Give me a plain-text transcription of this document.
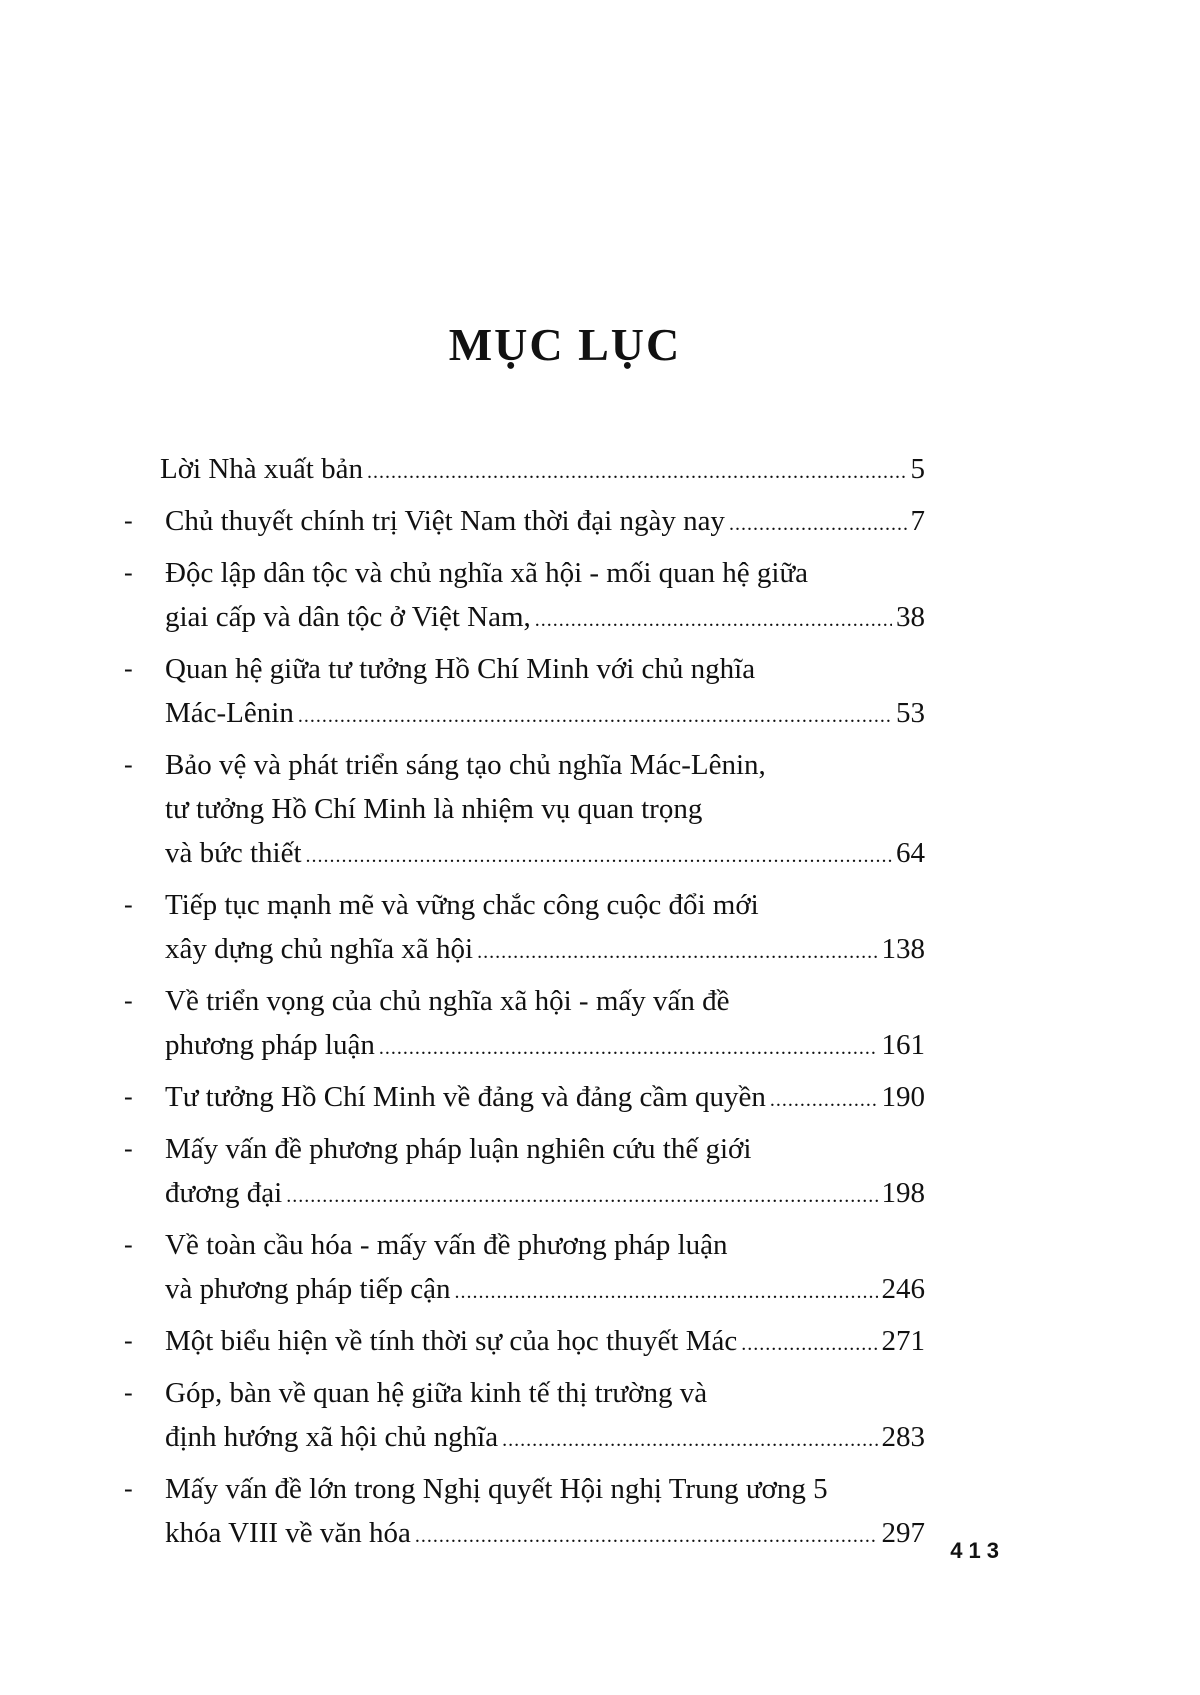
MỤC LỤC
Lời Nhà xuất bản .....	5
- Chủ thuyết chính trị Việt Nam thời đại ngày nay .....	7
- Độc lập dân tộc và chủ nghĩa xã hội - mối quan hệ giữa
giai cấp và dân tộc ở Việt Nam, .....	38
- Quan hệ giữa tư tưởng Hồ Chí Minh với chủ nghĩa
Mác-Lênin .....	53
- Bảo vệ và phát triển sáng tạo chủ nghĩa Mác-Lênin,
tư tưởng Hồ Chí Minh là nhiệm vụ quan trọng
và bức thiết .....	64
- Tiếp tục mạnh mẽ và vững chắc công cuộc đổi mới
xây dựng chủ nghĩa xã hội .....	138
- Về triển vọng của chủ nghĩa xã hội - mấy vấn đề
phương pháp luận .....	161
- Tư tưởng Hồ Chí Minh về đảng và đảng cầm quyền .....	190
- Mấy vấn đề phương pháp luận nghiên cứu thế giới
đương đại .....	198
- Về toàn cầu hóa - mấy vấn đề phương pháp luận
và phương pháp tiếp cận .....	246
- Một biểu hiện về tính thời sự của học thuyết Mác .....	271
- Góp, bàn về quan hệ giữa kinh tế thị trường và
định hướng xã hội chủ nghĩa .....	283
- Mấy vấn đề lớn trong Nghị quyết Hội nghị Trung ương 5
khóa VIII về văn hóa .....	297
413
